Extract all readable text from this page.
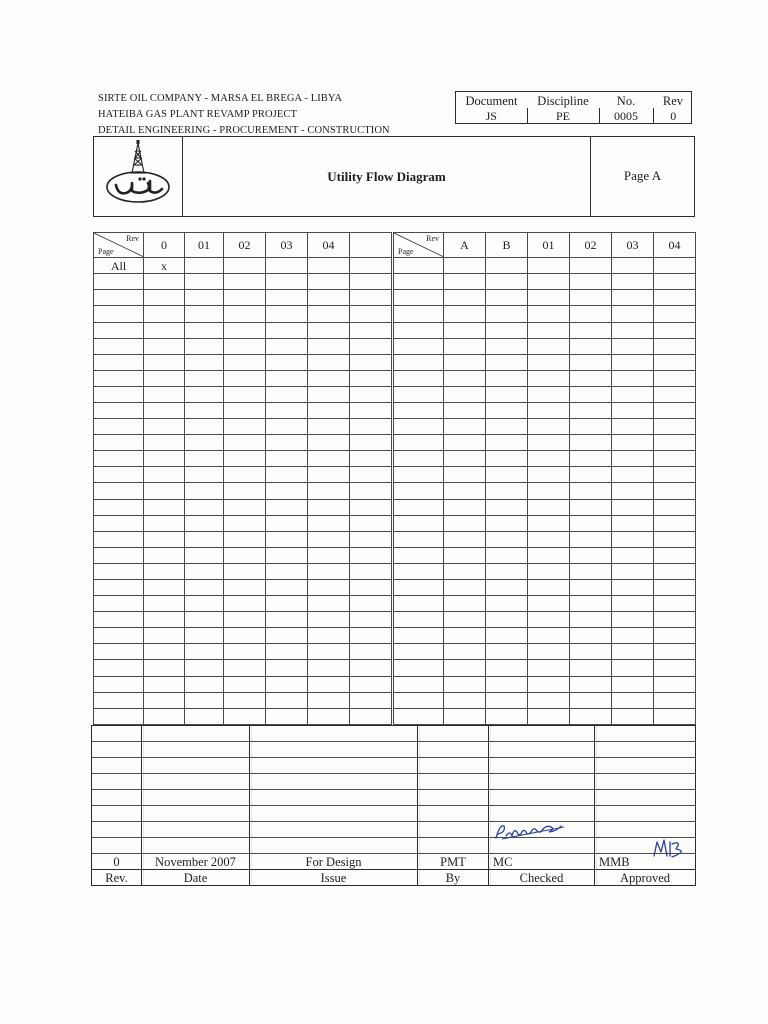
SIRTE OIL COMPANY - MARSA EL BREGA - LIBYA
HATEIBA GAS PLANT REVAMP PROJECT
DETAIL ENGINEERING - PROCUREMENT - CONSTRUCTION
Document	Discipline	No.	Rev
JS	PE	0005	0
Utility Flow Diagram	Page A
Rev
Page	0	01	02	03	04	
All	x					

Rev
Page	A	B	01	02	03	04

0	November 2007	For Design	PMT	MC	MMB
Rev.	Date	Issue	By	Checked	Approved
